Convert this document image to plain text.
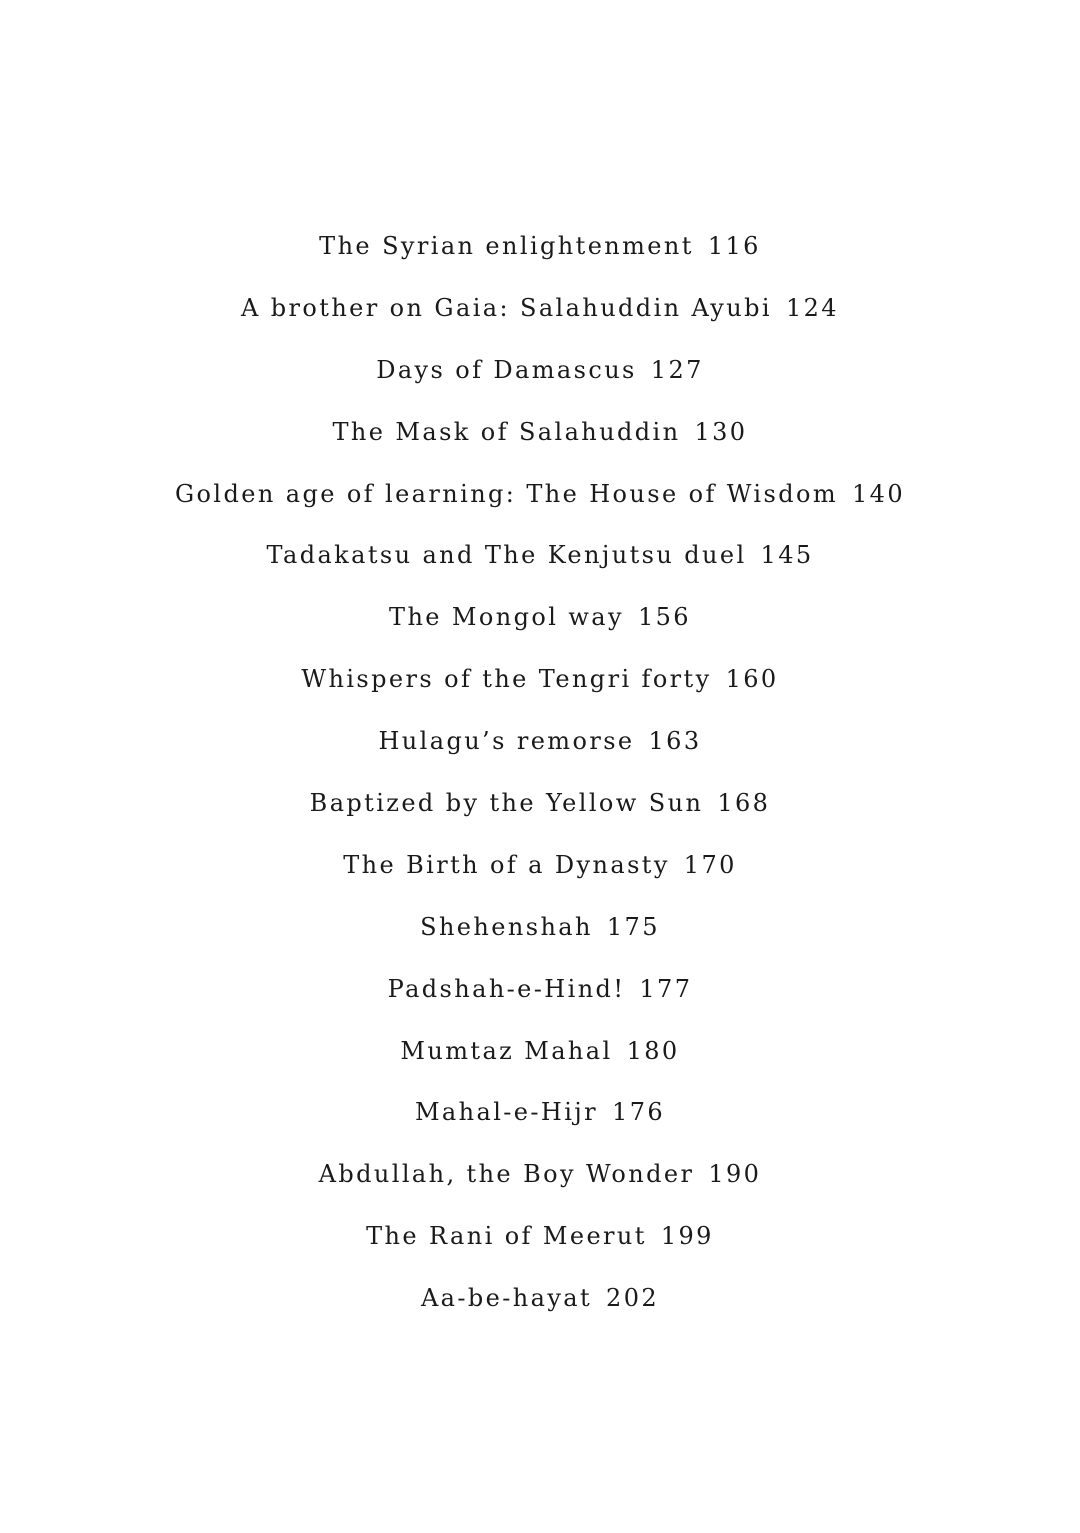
The Syrian enlightenment 116
A brother on Gaia: Salahuddin Ayubi 124
Days of Damascus 127
The Mask of Salahuddin 130
Golden age of learning: The House of Wisdom 140
Tadakatsu and The Kenjutsu duel 145
The Mongol way 156
Whispers of the Tengri forty 160
Hulagu’s remorse 163
Baptized by the Yellow Sun 168
The Birth of a Dynasty 170
Shehenshah 175
Padshah-e-Hind! 177
Mumtaz Mahal 180
Mahal-e-Hijr 176
Abdullah, the Boy Wonder 190
The Rani of Meerut 199
Aa-be-hayat 202
